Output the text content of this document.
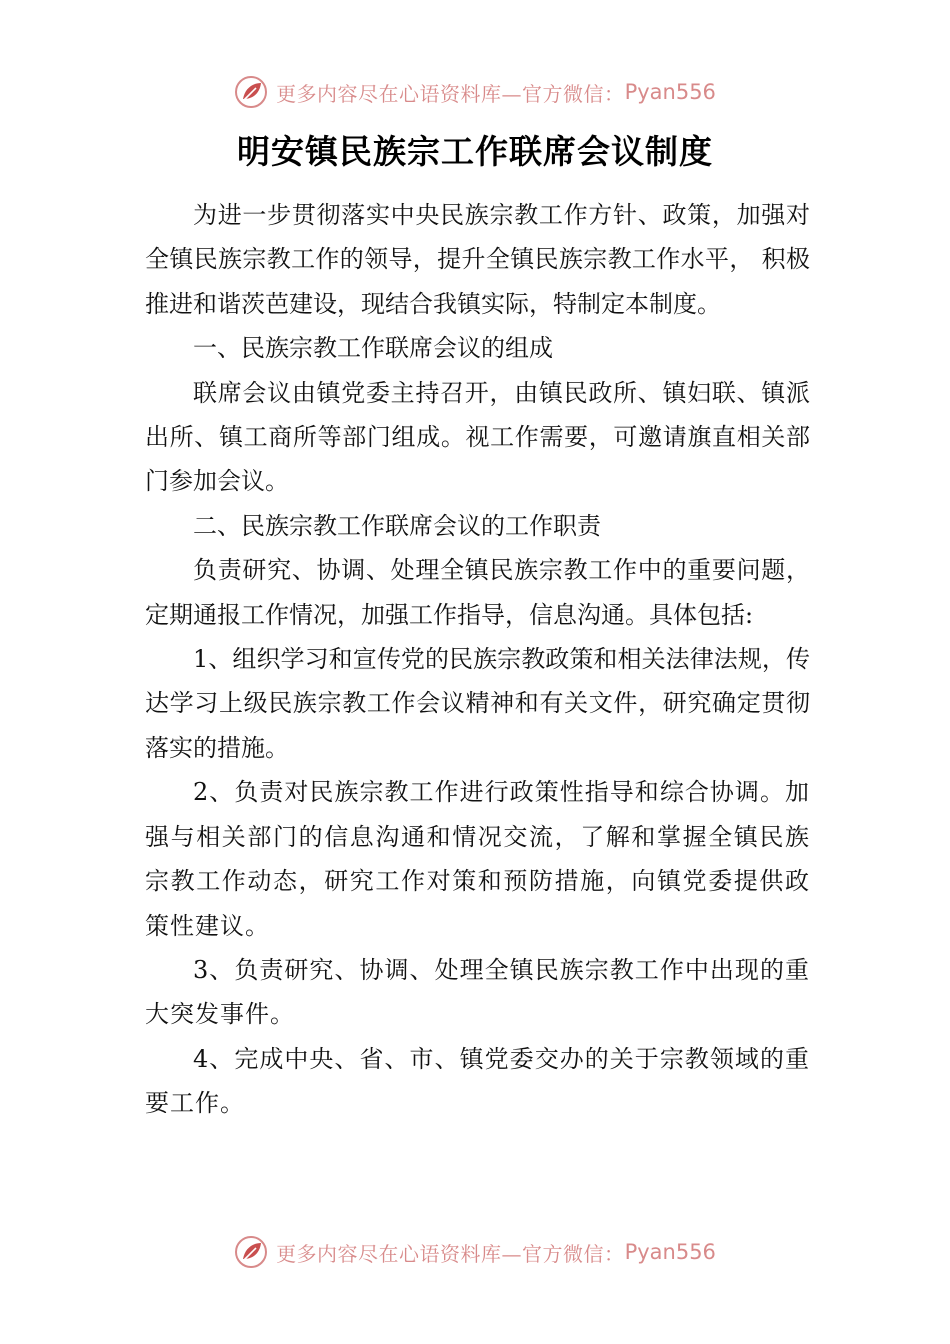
更多内容尽在心语资料库—官方微信： Pyan556
明安镇民族宗工作联席会议制度

为进一步贯彻落实中央民族宗教工作方针、政策，加强对全镇民族宗教工作的领导，提升全镇民族宗教工作水平， 积极推进和谐茨芭建设，现结合我镇实际，特制定本制度。

一、民族宗教工作联席会议的组成

联席会议由镇党委主持召开，由镇民政所、镇妇联、镇派出所、镇工商所等部门组成。视工作需要，可邀请旗直相关部门参加会议。

二、民族宗教工作联席会议的工作职责

负责研究、协调、处理全镇民族宗教工作中的重要问题，定期通报工作情况，加强工作指导，信息沟通。具体包括:

1、组织学习和宣传党的民族宗教政策和相关法律法规，传达学习上级民族宗教工作会议精神和有关文件，研究确定贯彻落实的措施。

2、负责对民族宗教工作进行政策性指导和综合协调。加强与相关部门的信息沟通和情况交流，了解和掌握全镇民族宗教工作动态，研究工作对策和预防措施，向镇党委提供政策性建议。

3、负责研究、协调、处理全镇民族宗教工作中出现的重大突发事件。

4、完成中央、省、市、镇党委交办的关于宗教领域的重要工作。

更多内容尽在心语资料库—官方微信： Pyan556
